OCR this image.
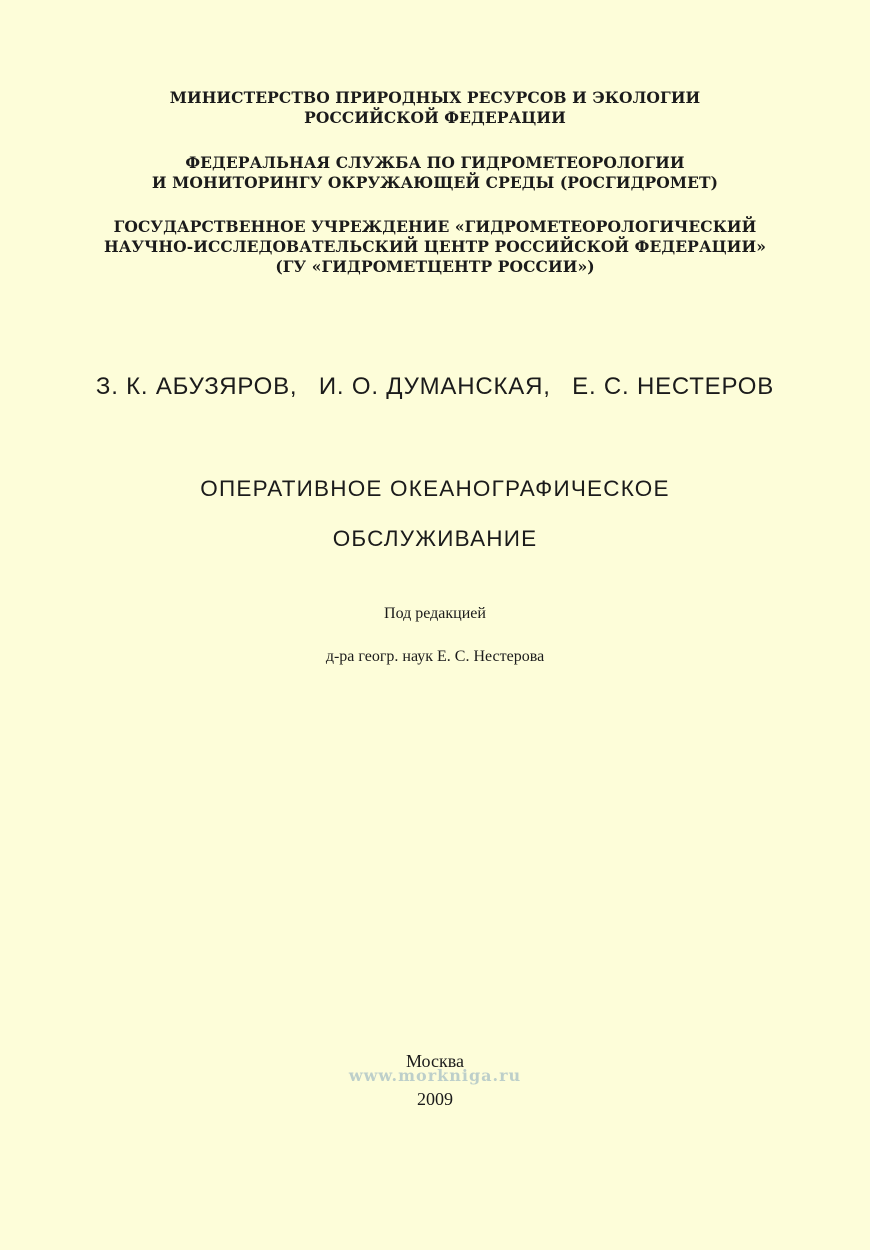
МИНИСТЕРСТВО ПРИРОДНЫХ РЕСУРСОВ И ЭКОЛОГИИ
РОССИЙСКОЙ ФЕДЕРАЦИИ
ФЕДЕРАЛЬНАЯ СЛУЖБА ПО ГИДРОМЕТЕОРОЛОГИИ
И МОНИТОРИНГУ ОКРУЖАЮЩЕЙ СРЕДЫ (РОСГИДРОМЕТ)
ГОСУДАРСТВЕННОЕ УЧРЕЖДЕНИЕ «ГИДРОМЕТЕОРОЛОГИЧЕСКИЙ
НАУЧНО-ИССЛЕДОВАТЕЛЬСКИЙ ЦЕНТР РОССИЙСКОЙ ФЕДЕРАЦИИ»
(ГУ «ГИДРОМЕТЦЕНТР РОССИИ»)
З. К. АБУЗЯРОВ, И. О. ДУМАНСКАЯ, Е. С. НЕСТЕРОВ
ОПЕРАТИВНОЕ ОКЕАНОГРАФИЧЕСКОЕ
ОБСЛУЖИВАНИЕ
Под редакцией
д-ра геогр. наук Е. С. Нестерова
Москва
www.morkniga.ru
2009
